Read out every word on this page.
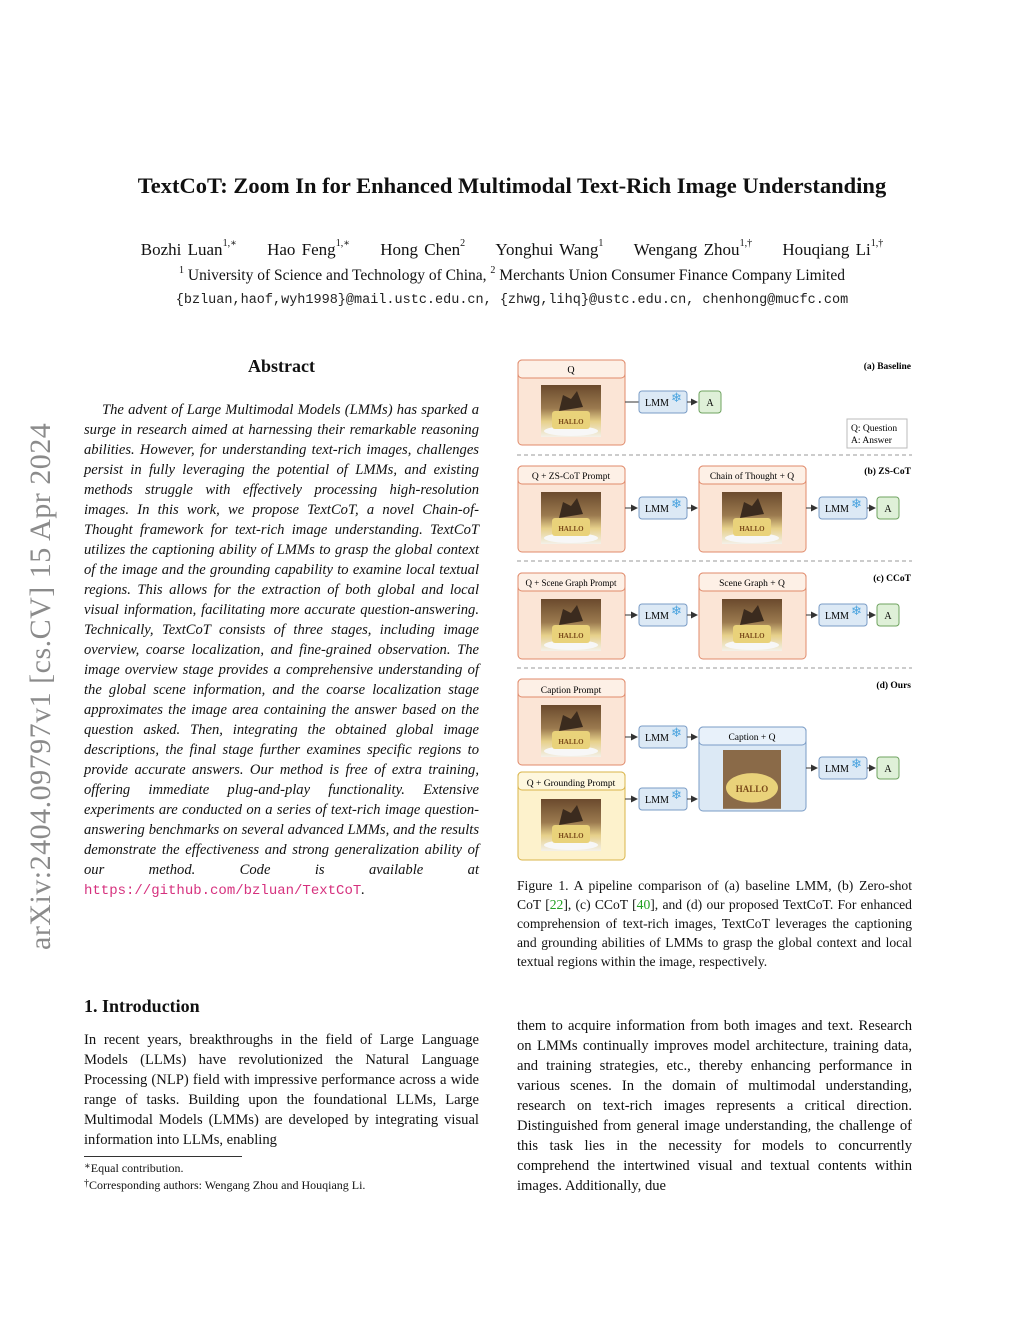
arXiv:2404.09797v1 [cs.CV] 15 Apr 2024
TextCoT: Zoom In for Enhanced Multimodal Text-Rich Image Understanding
Bozhi Luan$^{1,∗}$ Hao Feng$^{1,∗}$ Hong Chen$^2$ Yonghui Wang$^1$ Wengang Zhou$^{1,\dagger}$ Houqiang $Li^{1,\dagger}$
$^1$ University of Science and Technology of China, $^2$ Merchants Union Consumer Finance Company Limited
{bzluan,haof,wyh1998}@mail.ustc.edu.cn, {zhwg,lihq}@ustc.edu.cn, chenhong@mucfc.com
Abstract
The advent of Large Multimodal Models (LMMs) has sparked a surge in research aimed at harnessing their remarkable reasoning abilities. However, for understanding text-rich images, challenges persist in fully leveraging the potential of LMMs, and existing methods struggle with effectively processing high-resolution images. In this work, we propose TextCoT, a novel Chain-of-Thought framework for text-rich image understanding. TextCoT utilizes the captioning ability of LMMs to grasp the global context of the image and the grounding capability to examine local textual regions. This allows for the extraction of both global and local visual information, facilitating more accurate question-answering. Technically, TextCoT consists of three stages, including image overview, coarse localization, and fine-grained observation. The image overview stage provides a comprehensive understanding of the global scene information, and the coarse localization stage approximates the image area containing the answer based on the question asked. Then, integrating the obtained global image descriptions, the final stage further examines specific regions to provide accurate answers. Our method is free of extra training, offering immediate plug-and-play functionality. Extensive experiments are conducted on a series of text-rich image question-answering benchmarks on several advanced LMMs, and the results demonstrate the effectiveness and strong generalization ability of our method. Code is available at https://github.com/bzluan/TextCoT.
❄
(a) Baseline
Q
LMM	A
Q: Question
A: Answer
(b) ZS-CoT
Q + ZS-CoT Prompt
LMM
Chain of Thought + Q
LMM	A
(c) CCoT
Q + Scene Graph Prompt
LMM
Scene Graph + Q
LMM	A
(d) Ours
Caption Prompt
Q + Grounding Prompt
LMM
LMM
Caption + Q
HALLO
LMM	A
Figure 1. A pipeline comparison of (a) baseline LMM, (b) Zero-shot CoT [22], (c) CCoT [40], and (d) our proposed TextCoT. For enhanced comprehension of text-rich images, TextCoT leverages the captioning and grounding abilities of LMMs to grasp the global context and local textual regions within the image, respectively.
1. Introduction
In recent years, breakthroughs in the field of Large Language Models (LLMs) have revolutionized the Natural Language Processing (NLP) field with impressive performance across a wide range of tasks. Building upon the foundational LLMs, Large Multimodal Models (LMMs) are developed by integrating visual information into LLMs, enabling
them to acquire information from both images and text. Research on LMMs continually improves model architecture, training data, and training strategies, etc., thereby enhancing performance in various scenes. In the domain of multimodal understanding, research on text-rich images represents a critical direction. Distinguished from general image understanding, the challenge of this task lies in the necessity for models to concurrently comprehend the intertwined visual and textual contents within images. Additionally, due
∗Equal contribution.
†Corresponding authors: Wengang Zhou and Houqiang Li.
